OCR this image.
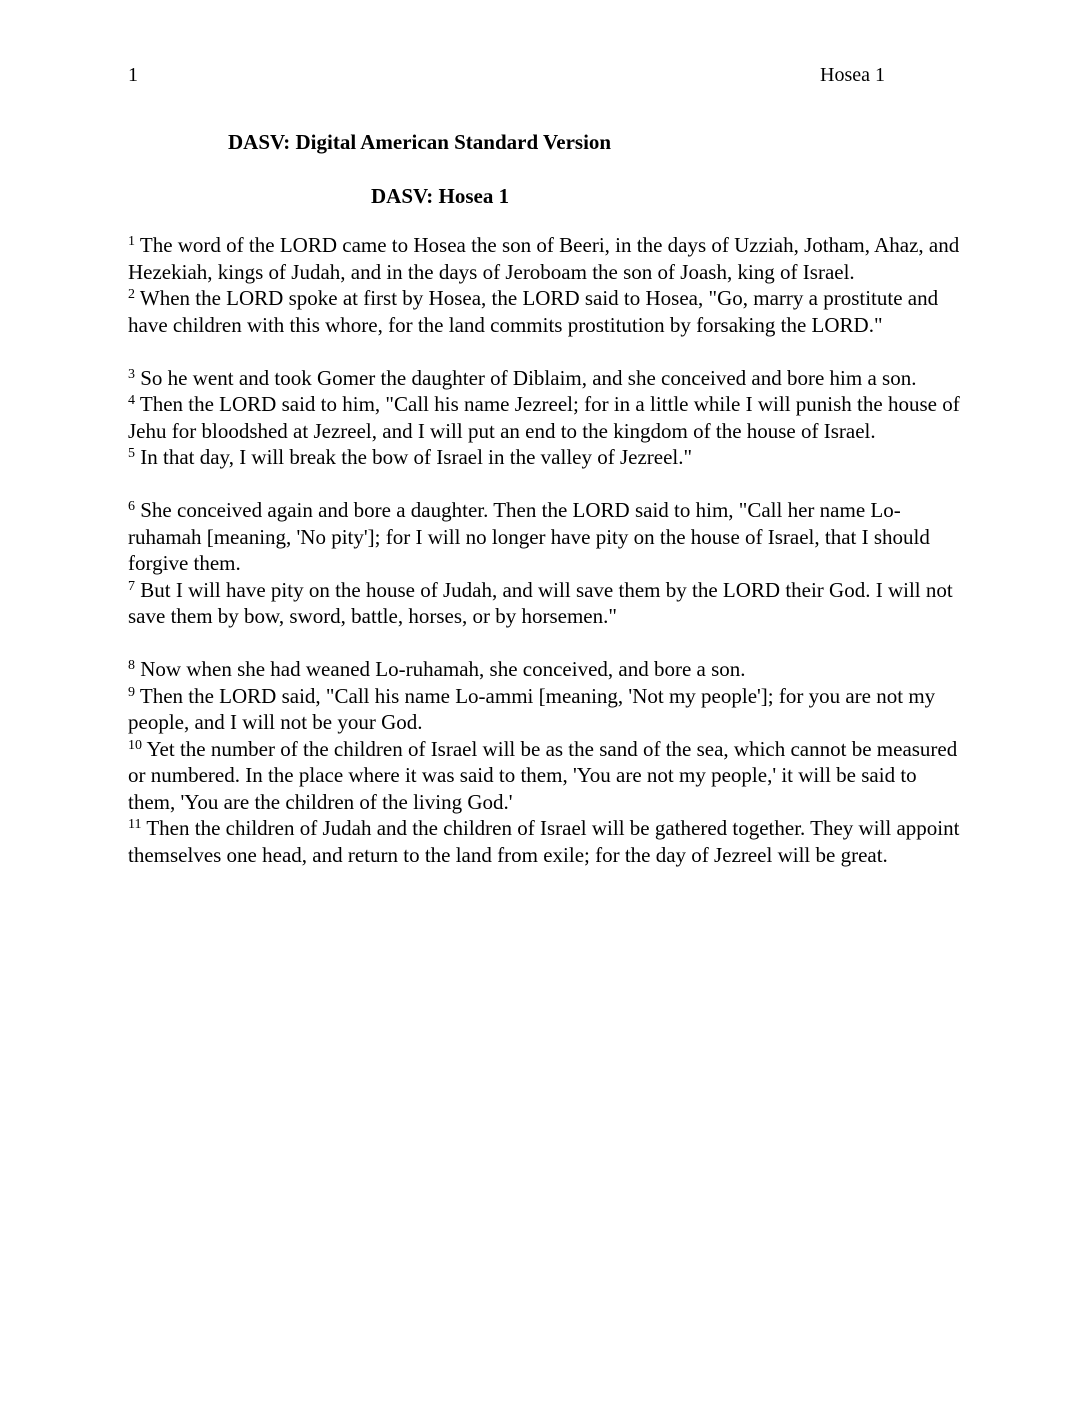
1	Hosea 1
DASV: Digital American Standard Version
DASV: Hosea 1

$^1$ The word of the LORD came to Hosea the son of Beeri, in the days of Uzziah, Jotham, Ahaz, and Hezekiah, kings of Judah, and in the days of Jeroboam the son of Joash, king of Israel.

$^2$ When the LORD spoke at first by Hosea, the LORD said to Hosea, "Go, marry a prostitute and have children with this whore, for the land commits prostitution by forsaking the LORD."

$^3$ So he went and took Gomer the daughter of Diblaim, and she conceived and bore him a son.

$^4$ Then the LORD said to him, "Call his name Jezreel; for in a little while I will punish the house of Jehu for bloodshed at Jezreel, and I will put an end to the kingdom of the house of Israel.

$^5$ In that day, I will break the bow of Israel in the valley of Jezreel."

$^6$ She conceived again and bore a daughter. Then the LORD said to him, "Call her name Lo-ruhamah [meaning, 'No pity']; for I will no longer have pity on the house of Israel, that I should forgive them.

$^7$ But I will have pity on the house of Judah, and will save them by the LORD their God. I will not save them by bow, sword, battle, horses, or by horsemen."

$^8$ Now when she had weaned Lo-ruhamah, she conceived, and bore a son.

$^9$ Then the LORD said, "Call his name Lo-ammi [meaning, 'Not my people']; for you are not my people, and I will not be your God.

$^{10}$ Yet the number of the children of Israel will be as the sand of the sea, which cannot be measured or numbered. In the place where it was said to them, 'You are not my people,' it will be said to them, 'You are the children of the living God.'

$^{11}$ Then the children of Judah and the children of Israel will be gathered together. They will appoint themselves one head, and return to the land from exile; for the day of Jezreel will be great.
